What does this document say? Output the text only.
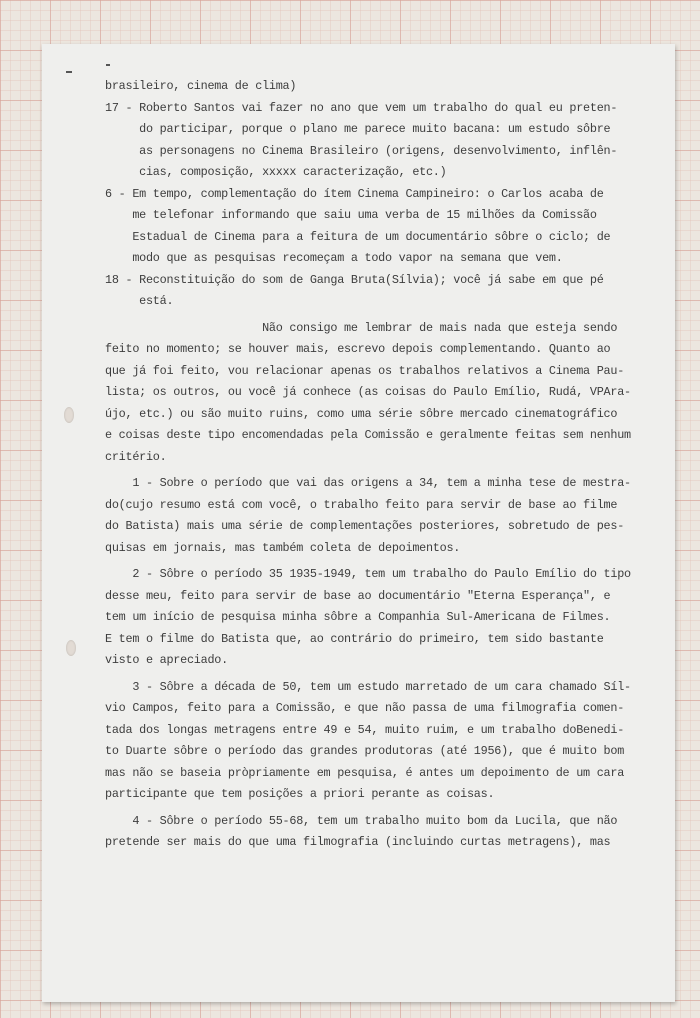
brasileiro, cinema de clima)
17 - Roberto Santos vai fazer no ano que vem um trabalho do qual eu preten-
do participar, porque o plano me parece muito bacana: um estudo sôbre
as personagens no Cinema Brasileiro (origens, desenvolvimento, inflên-
cias, composição, xxxxx caracterização, etc.)
6 - Em tempo, complementação do ítem Cinema Campineiro: o Carlos acaba de
me telefonar informando que saiu uma verba de 15 milhões da Comissão
Estadual de Cinema para a feitura de um documentário sôbre o ciclo; de
modo que as pesquisas recomeçam a todo vapor na semana que vem.
18 - Reconstituição do som de Ganga Bruta(Sílvia); você já sabe em que pé
está.
Não consigo me lembrar de mais nada que esteja sendo
feito no momento; se houver mais, escrevo depois complementando. Quanto ao
que já foi feito, vou relacionar apenas os trabalhos relativos a Cinema Pau-
lista; os outros, ou você já conhece (as coisas do Paulo Emílio, Rudá, VPAra-
újo, etc.) ou são muito ruins, como uma série sôbre mercado cinematográfico
e coisas deste tipo encomendadas pela Comissão e geralmente feitas sem nenhum
critério.
1 - Sobre o período que vai das origens a 34, tem a minha tese de mestra-
do(cujo resumo está com você, o trabalho feito para servir de base ao filme
do Batista) mais uma série de complementações posteriores, sobretudo de pes-
quisas em jornais, mas também coleta de depoimentos.
2 - Sôbre o período 35 1935-1949, tem um trabalho do Paulo Emílio do tipo
desse meu, feito para servir de base ao documentário "Eterna Esperança", e
tem um início de pesquisa minha sôbre a Companhia Sul-Americana de Filmes.
E tem o filme do Batista que, ao contrário do primeiro, tem sido bastante
visto e apreciado.
3 - Sôbre a década de 50, tem um estudo marretado de um cara chamado Síl-
vio Campos, feito para a Comissão, e que não passa de uma filmografia comen-
tada dos longas metragens entre 49 e 54, muito ruim, e um trabalho doBenedi-
to Duarte sôbre o período das grandes produtoras (até 1956), que é muito bom
mas não se baseia pròpriamente em pesquisa, é antes um depoimento de um cara
participante que tem posições a priori perante as coisas.
4 - Sôbre o período 55-68, tem um trabalho muito bom da Lucila, que não
pretende ser mais do que uma filmografia (incluindo curtas metragens), mas
